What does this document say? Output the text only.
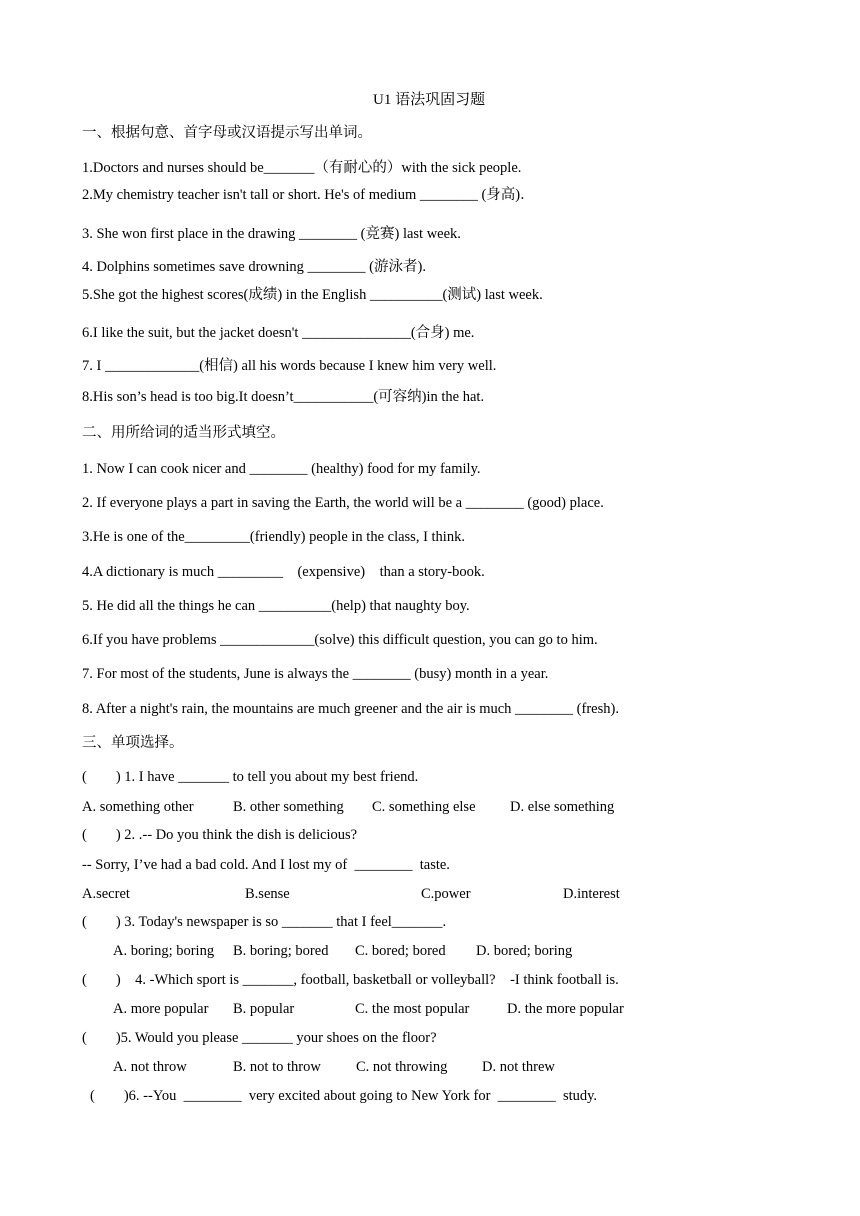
U1 语法巩固习题
一、根据句意、首字母或汉语提示写出单词。
1.Doctors and nurses should be_______（有耐心的）with the sick people.
2.My chemistry teacher isn't tall or short. He's of medium ________ (身高)．
3. She won first place in the drawing ________ (竞赛) last week.
4. Dolphins sometimes save drowning ________ (游泳者).
5.She got the highest scores(成绩) in the English __________(测试) last week.
6.I like the suit, but the jacket doesn't _______________(合身) me.
7. I _____________(相信) all his words because I knew him very well.
8.His son’s head is too big.It doesn’t___________(可容纳)in the hat.
二、用所给词的适当形式填空。
1. Now I can cook nicer and ________ (healthy) food for my family.
2. If everyone plays a part in saving the Earth, the world will be a ________ (good) place.
3.He is one of the_________(friendly) people in the class, I think.
4.A dictionary is much _________    (expensive)    than a story-book.
5. He did all the things he can __________(help) that naughty boy.
6.If you have problems _____________(solve) this difficult question, you can go to him.
7. For most of the students, June is always the ________ (busy) month in a year.
8. After a night's rain, the mountains are much greener and the air is much ________ (fresh).
三、单项选择。
(        ) 1. I have _______ to tell you about my best friend.
A. something other	B. other something C. something else D. else something
(        ) 2. .-- Do you think the dish is delicious?
-- Sorry, I’ve had a bad cold. And I lost my of  ________  taste.
A.secret	B.sense	C.power	D.interest
(        ) 3. Today's newspaper is so _______ that I feel_______.
A. boring; boring B. boring; bored C. bored; bored D. bored; boring
(        )    4. -Which sport is _______, football, basketball or volleyball?    -I think football is.
A. more popular B. popular	C. the most popular	D. the more popular
(        )5. Would you please _______ your shoes on the floor?
A. not throw	B. not to throw C. not throwing D. not threw
(        )6. --You  ________  very excited about going to New York for  ________  study.
